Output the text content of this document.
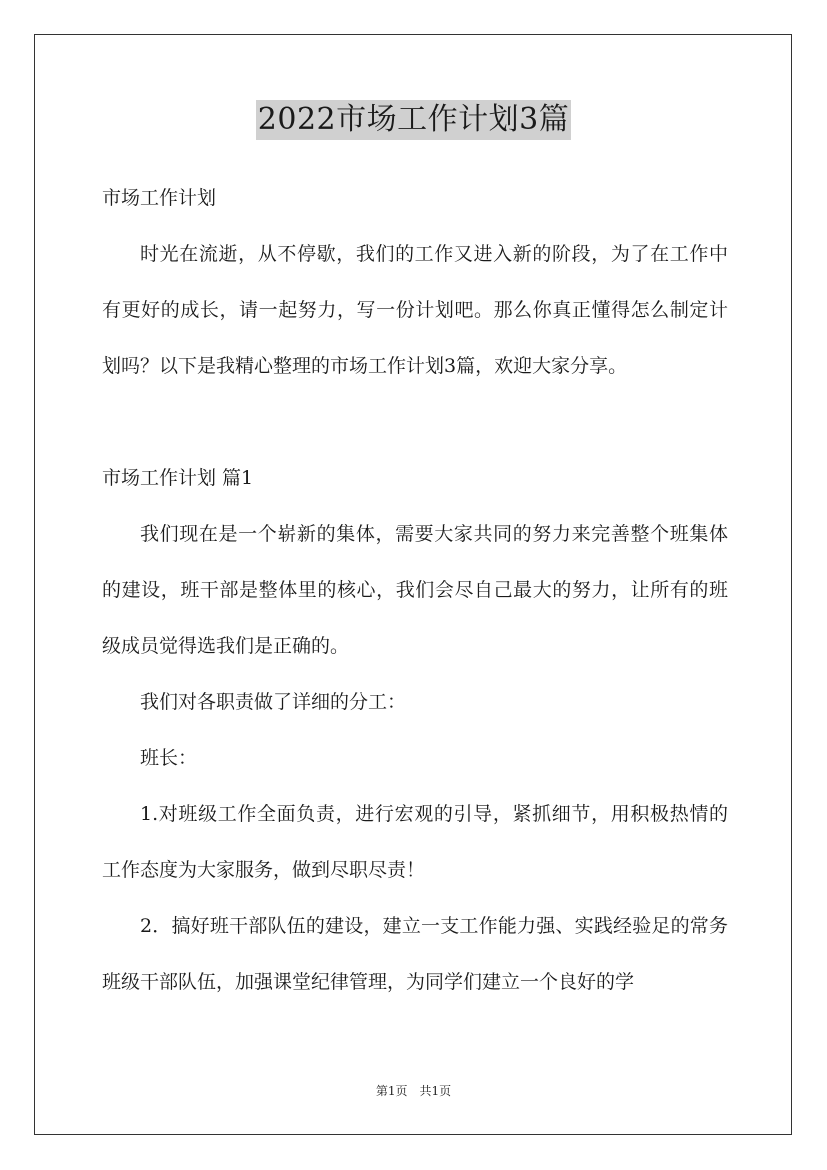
2022市场工作计划3篇

市场工作计划

时光在流逝，从不停歇，我们的工作又进入新的阶段，为了在工作中有更好的成长，请一起努力，写一份计划吧。那么你真正懂得怎么制定计划吗？以下是我精心整理的市场工作计划3篇，欢迎大家分享。

市场工作计划 篇1

我们现在是一个崭新的集体，需要大家共同的努力来完善整个班集体的建设，班干部是整体里的核心，我们会尽自己最大的努力，让所有的班级成员觉得选我们是正确的。

我们对各职责做了详细的分工：

班长：

1.对班级工作全面负责，进行宏观的引导，紧抓细节，用积极热情的工作态度为大家服务，做到尽职尽责！

2．搞好班干部队伍的建设，建立一支工作能力强、实践经验足的常务班级干部队伍，加强课堂纪律管理，为同学们建立一个良好的学

第1页 共1页
